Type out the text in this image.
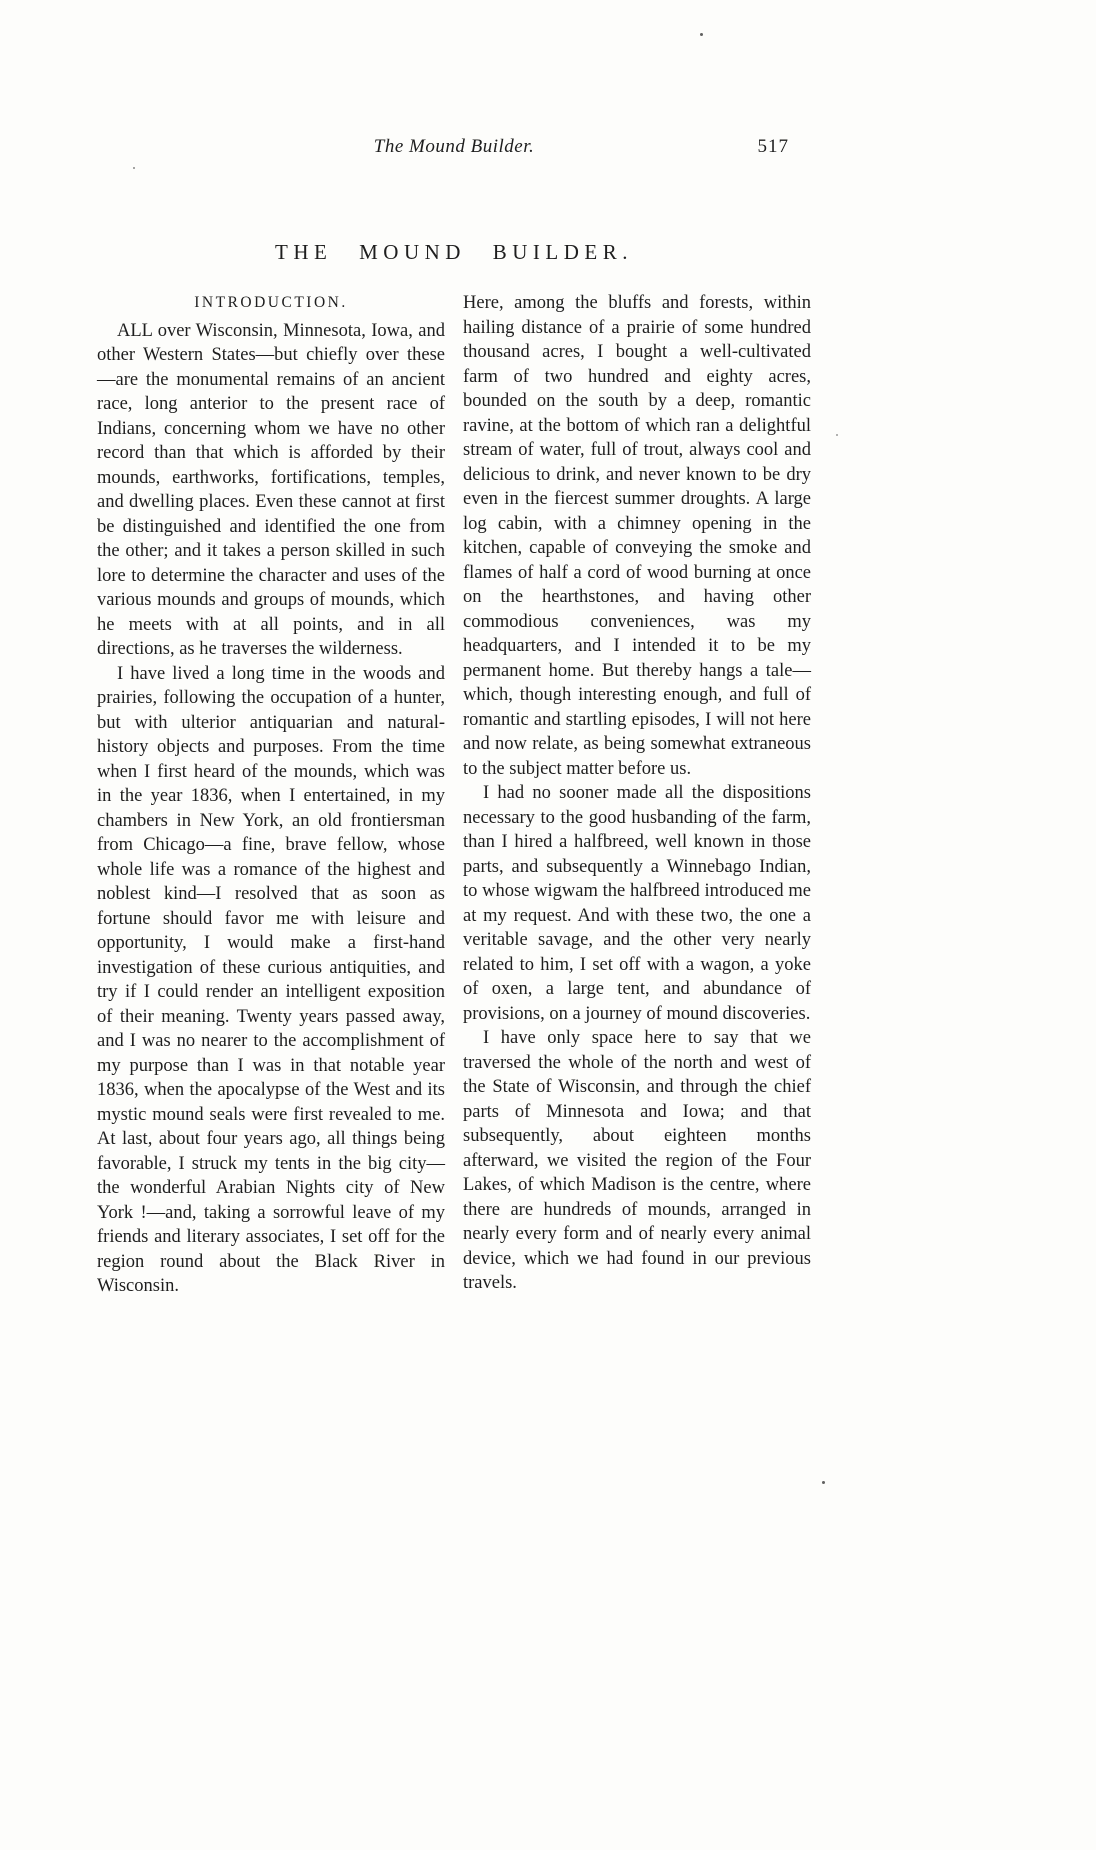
The Mound Builder.	517
THE MOUND BUILDER.
INTRODUCTION.

ALL over Wisconsin, Minnesota, Iowa, and other Western States—but chiefly over these—are the monumental remains of an ancient race, long anterior to the present race of Indians, concerning whom we have no other record than that which is afforded by their mounds, earthworks, fortifications, temples, and dwelling places. Even these cannot at first be distinguished and identified the one from the other; and it takes a person skilled in such lore to determine the character and uses of the various mounds and groups of mounds, which he meets with at all points, and in all directions, as he traverses the wilderness.

I have lived a long time in the woods and prairies, following the occupation of a hunter, but with ulterior antiquarian and natural-history objects and purposes. From the time when I first heard of the mounds, which was in the year 1836, when I entertained, in my chambers in New York, an old frontiersman from Chicago—a fine, brave fellow, whose whole life was a romance of the highest and noblest kind—I resolved that as soon as fortune should favor me with leisure and opportunity, I would make a first-hand investigation of these curious antiquities, and try if I could render an intelligent exposition of their meaning. Twenty years passed away, and I was no nearer to the accomplishment of my purpose than I was in that notable year 1836, when the apocalypse of the West and its mystic mound seals were first revealed to me. At last, about four years ago, all things being favorable, I struck my tents in the big city—the wonderful Arabian Nights city of New York !—and, taking a sorrowful leave of my friends and literary associates, I set off for the region round about the Black River in Wisconsin.

Here, among the bluffs and forests, within hailing distance of a prairie of some hundred thousand acres, I bought a well-cultivated farm of two hundred and eighty acres, bounded on the south by a deep, romantic ravine, at the bottom of which ran a delightful stream of water, full of trout, always cool and delicious to drink, and never known to be dry even in the fiercest summer droughts. A large log cabin, with a chimney opening in the kitchen, capable of conveying the smoke and flames of half a cord of wood burning at once on the hearthstones, and having other commodious conveniences, was my headquarters, and I intended it to be my permanent home. But thereby hangs a tale—which, though interesting enough, and full of romantic and startling episodes, I will not here and now relate, as being somewhat extraneous to the subject matter before us.

I had no sooner made all the dispositions necessary to the good husbanding of the farm, than I hired a halfbreed, well known in those parts, and subsequently a Winnebago Indian, to whose wigwam the halfbreed introduced me at my request. And with these two, the one a veritable savage, and the other very nearly related to him, I set off with a wagon, a yoke of oxen, a large tent, and abundance of provisions, on a journey of mound discoveries.

I have only space here to say that we traversed the whole of the north and west of the State of Wisconsin, and through the chief parts of Minnesota and Iowa; and that subsequently, about eighteen months afterward, we visited the region of the Four Lakes, of which Madison is the centre, where there are hundreds of mounds, arranged in nearly every form and of nearly every animal device, which we had found in our previous travels.
